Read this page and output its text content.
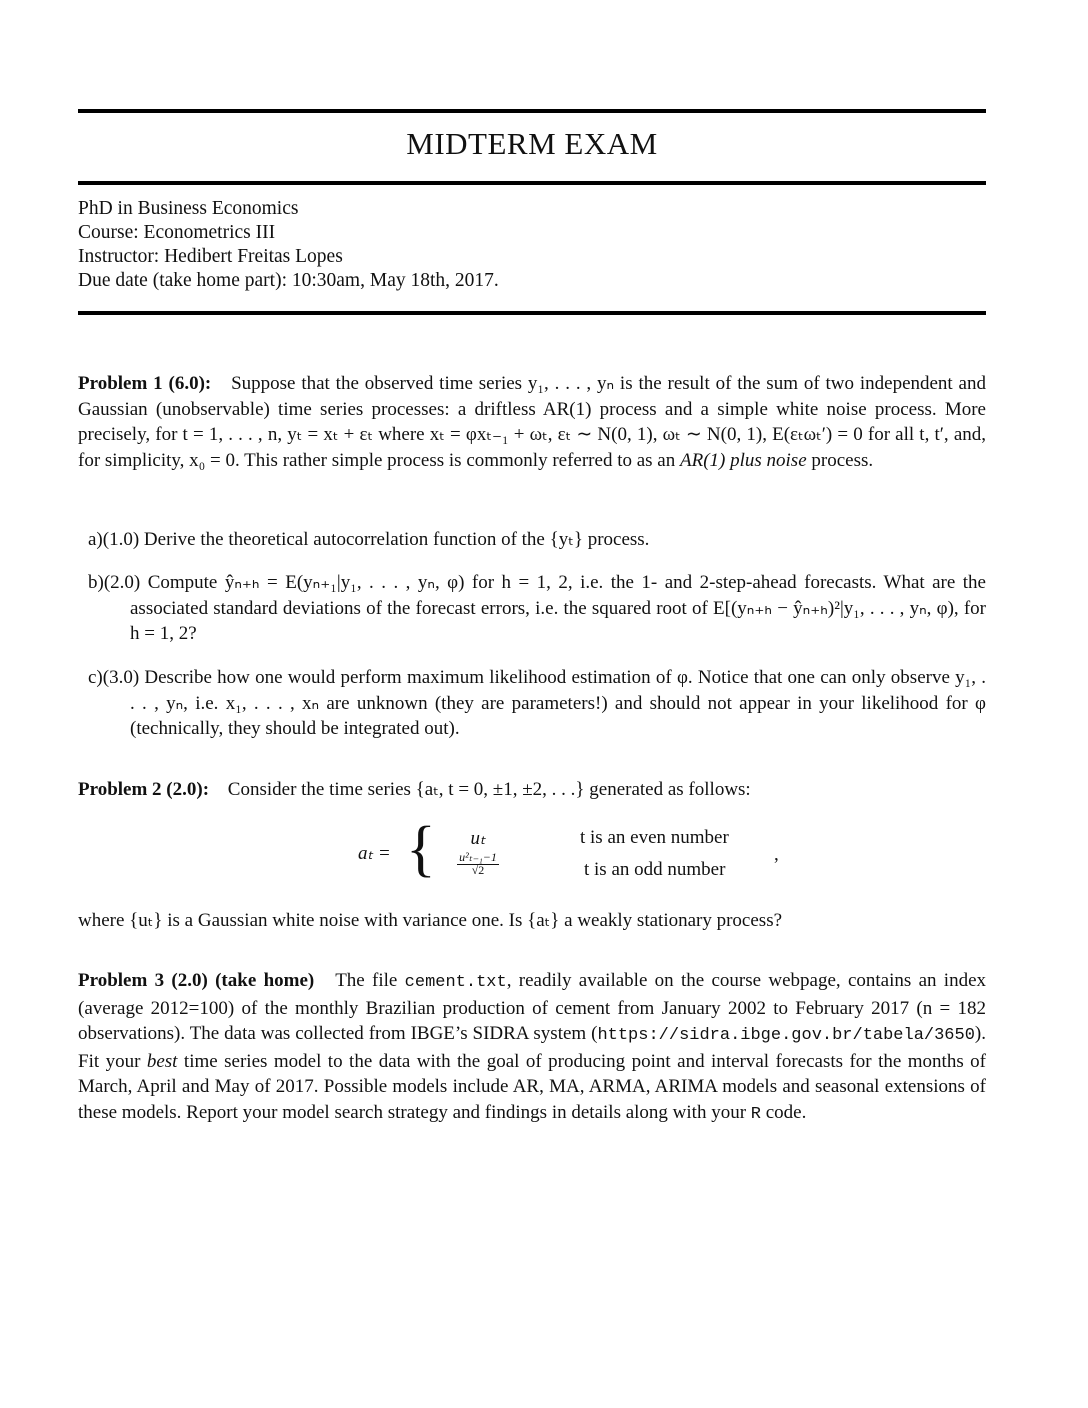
MIDTERM EXAM
PhD in Business Economics
Course: Econometrics III
Instructor: Hedibert Freitas Lopes
Due date (take home part): 10:30am, May 18th, 2017.
Problem 1 (6.0): Suppose that the observed time series y₁, . . . , yₙ is the result of the sum of two independent and Gaussian (unobservable) time series processes: a driftless AR(1) process and a simple white noise process. More precisely, for t = 1, . . . , n, yₜ = xₜ + εₜ where xₜ = φxₜ₋₁ + ωₜ, εₜ ∼ N(0, 1), ωₜ ∼ N(0, 1), E(εₜωₜ′) = 0 for all t, t′, and, for simplicity, x₀ = 0. This rather simple process is commonly referred to as an AR(1) plus noise process.
a)(1.0) Derive the theoretical autocorrelation function of the {yₜ} process.
b)(2.0) Compute ŷₙ₊ₕ = E(yₙ₊₁|y₁, . . . , yₙ, φ) for h = 1, 2, i.e. the 1- and 2-step-ahead forecasts. What are the associated standard deviations of the forecast errors, i.e. the squared root of E[(yₙ₊ₕ − ŷₙ₊ₕ)²|y₁, . . . , yₙ, φ), for h = 1, 2?
c)(3.0) Describe how one would perform maximum likelihood estimation of φ. Notice that one can only observe y₁, . . . , yₙ, i.e. x₁, . . . , xₙ are unknown (they are parameters!) and should not appear in your likelihood for φ (technically, they should be integrated out).
Problem 2 (2.0): Consider the time series {aₜ, t = 0, ±1, ±2, . . .} generated as follows:
aₜ = {	uₜ	t is an even number
$\frac{\text{u²ₜ₋₁−1}}{√2}$	t is an odd number
,
where {uₜ} is a Gaussian white noise with variance one. Is {aₜ} a weakly stationary process?
Problem 3 (2.0) (take home) The file cement.txt, readily available on the course webpage, contains an index (average 2012=100) of the monthly Brazilian production of cement from January 2002 to February 2017 (n = 182 observations). The data was collected from IBGE’s SIDRA system (https://sidra.ibge.gov.br/tabela/3650). Fit your best time series model to the data with the goal of producing point and interval forecasts for the months of March, April and May of 2017. Possible models include AR, MA, ARMA, ARIMA models and seasonal extensions of these models. Report your model search strategy and findings in details along with your R code.
